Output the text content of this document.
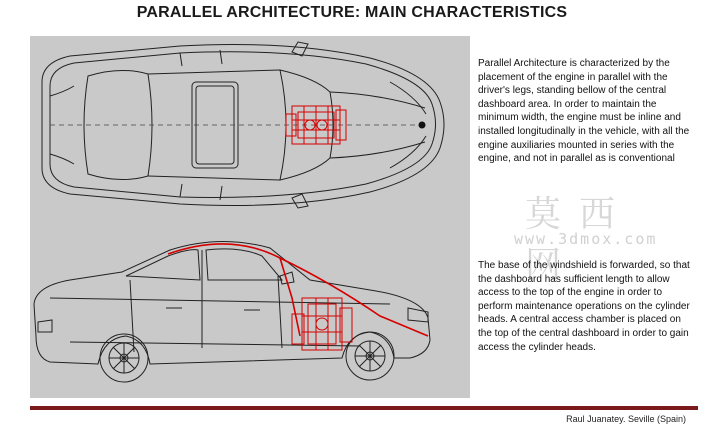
PARALLEL ARCHITECTURE: MAIN CHARACTERISTICS
Parallel Architecture is characterized by the placement of the engine in parallel with the driver's legs, standing bellow of the central dashboard area. In order to maintain the minimum width, the engine must be inline and installed longitudinally in the vehicle, with all the engine auxiliaries mounted in series with the engine, and not in parallel as is conventional
莫西网
www.3dmox.com
The base of the windshield is forwarded, so that the dashboard has sufficient length to allow access to the top of the engine in order to perform maintenance operations on the cylinder heads. A central access chamber is placed on the top of the central dashboard in order to gain access the cylinder heads.
Raul Juanatey. Seville (Spain)
